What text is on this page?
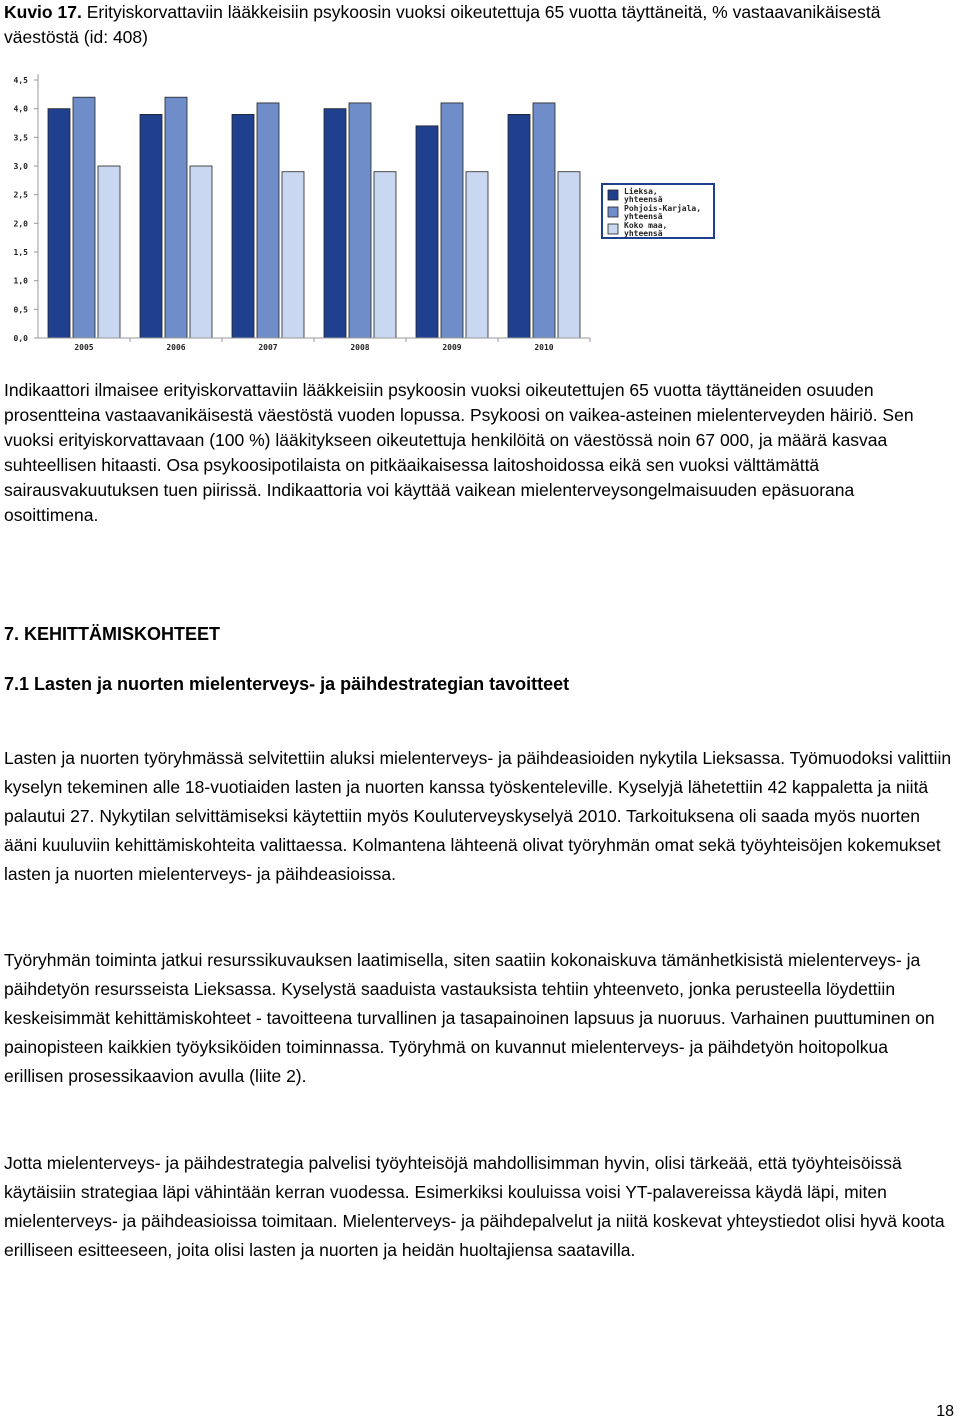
Kuvio 17. Erityiskorvattaviin lääkkeisiin psykoosin vuoksi oikeutettuja 65 vuotta täyttäneitä, % vastaavanikäisestä väestöstä (id: 408)
0,0
0,5
1,0
1,5
2,0
2,5
3,0
3,5
4,0
4,5
2005	2006	2007	2008	2009	2010
Lieksa, yhteensä
Pohjois-Karjala, yhteensä
Koko maa, yhteensä

Indikaattori ilmaisee erityiskorvattaviin lääkkeisiin psykoosin vuoksi oikeutettujen 65 vuotta täyttäneiden osuuden prosentteina vastaavanikäisestä väestöstä vuoden lopussa. Psykoosi on vaikea-asteinen mielenterveyden häiriö. Sen vuoksi erityiskorvattavaan (100 %) lääkitykseen oikeutettuja henkilöitä on väestössä noin 67 000, ja määrä kasvaa suhteellisen hitaasti. Osa psykoosipotilaista on pitkäaikaisessa laitoshoidossa eikä sen vuoksi välttämättä sairausvakuutuksen tuen piirissä. Indikaattoria voi käyttää vaikean mielenterveysongelmaisuuden epäsuorana osoittimena.

7. KEHITTÄMISKOHTEET

7.1 Lasten ja nuorten mielenterveys- ja päihdestrategian tavoitteet

Lasten ja nuorten työryhmässä selvitettiin aluksi mielenterveys- ja päihdeasioiden nykytila Lieksassa. Työmuodoksi valittiin kyselyn tekeminen alle 18-vuotiaiden lasten ja nuorten kanssa työskenteleville. Kyselyjä lähetettiin 42 kappaletta ja niitä palautui 27. Nykytilan selvittämiseksi käytettiin myös Kouluterveyskyselyä 2010. Tarkoituksena oli saada myös nuorten ääni kuuluviin kehittämiskohteita valittaessa. Kolmantena lähteenä olivat työryhmän omat sekä työyhteisöjen kokemukset lasten ja nuorten mielenterveys- ja päihdeasioissa.

Työryhmän toiminta jatkui resurssikuvauksen laatimisella, siten saatiin kokonaiskuva tämänhetkisistä mielenterveys- ja päihdetyön resursseista Lieksassa. Kyselystä saaduista vastauksista tehtiin yhteenveto, jonka perusteella löydettiin keskeisimmät kehittämiskohteet - tavoitteena turvallinen ja tasapainoinen lapsuus ja nuoruus. Varhainen puuttuminen on painopisteen kaikkien työyksiköiden toiminnassa. Työryhmä on kuvannut mielenterveys- ja päihdetyön hoitopolkua erillisen prosessikaavion avulla (liite 2).

Jotta mielenterveys- ja päihdestrategia palvelisi työyhteisöjä mahdollisimman hyvin, olisi tärkeää, että työyhteisöissä käytäisiin strategiaa läpi vähintään kerran vuodessa. Esimerkiksi kouluissa voisi YT-palavereissa käydä läpi, miten mielenterveys- ja päihdeasioissa toimitaan. Mielenterveys- ja päihdepalvelut ja niitä koskevat yhteystiedot olisi hyvä koota erilliseen esitteeseen, joita olisi lasten ja nuorten ja heidän huoltajiensa saatavilla.

18
